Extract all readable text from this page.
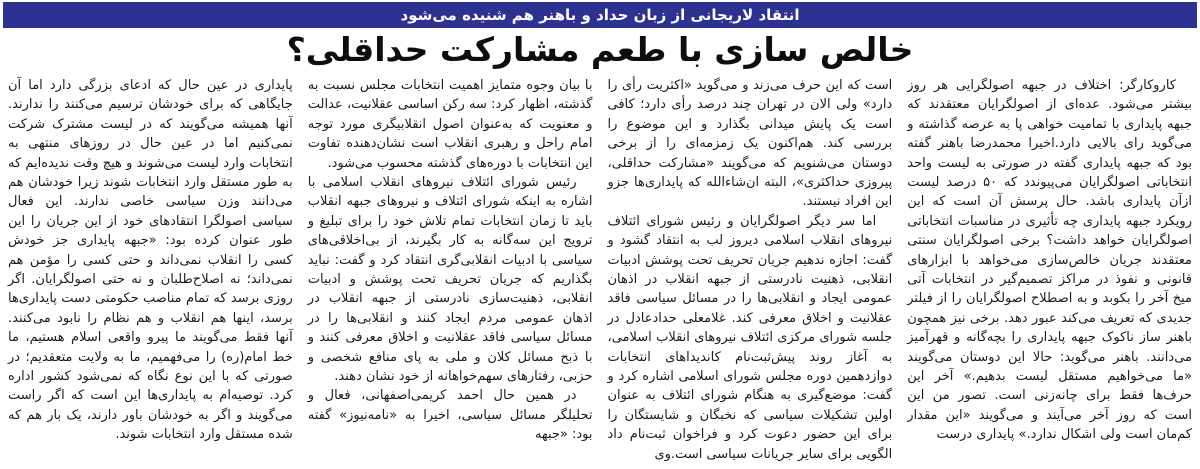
انتقاد لاریجانی از زبان حداد و باهنر هم شنیده می‌شود
خالص سازی با طعم مشارکت حداقلی؟

کاروکارگر: اختلاف در جبهه اصولگرایی هر روز بیشتر می‌شود. عده‌ای از اصولگرایان معتقدند که جبهه پایداری با تمامیت خواهی پا به عرصه گذاشته و می‌گوید رای بالایی دارد.اخیرا محمدرضا باهنر گفته بود که جبهه پایداری گفته در صورتی به لیست واحد انتخاباتی اصولگرایان می‌پیوندد که ۵۰ درصد لیست ازآن پایداری باشد. حال پرسش آن است که این رویکرد جبهه پایداری چه تأثیری در مناسبات انتخاباتی اصولگرایان خواهد داشت؟ برخی اصولگرایان سنتی معتقدند جریان خالص‌سازی می‌خواهد با ابزارهای قانونی و نفوذ در مراکز تصمیم‌گیر در انتخابات آتی میخ آخر را بکوبد و به اصطلاح اصولگرایان را از فیلتر جدیدی که تعریف می‌کند عبور دهد. برخی نیز همچون باهنر ساز ناکوک جبهه پایداری را بچه‌گانه و قهرآمیز می‌دانند. باهنر می‌گوید: حالا این دوستان می‌گویند «ما می‌خواهیم مستقل لیست بدهیم.» آخر این حرف‌ها فقط برای چانه‌زنی است. تصور من این است که روز آخر می‌آیند و می‌گویند «این مقدار کم‌مان است ولی اشکال ندارد.» پایداری درست

است که این حرف می‌زند و می‌گوید «اکثریت رأی را دارد» ولی الان در تهران چند درصد رأی دارد؛ کافی است یک پایش میدانی بگذارد و این موضوع را بررسی کند. هم‌اکنون یک زمزمه‌ای را از برخی دوستان می‌شنویم که می‌گویند «مشارکت حداقلی، پیروزی حداکثری»، البته ان‌شاءالله که پایداری‌ها جزو این افراد نیستند.

اما سر دیگر اصولگرایان و رئیس شورای ائتلاف نیروهای انقلاب اسلامی دیروز لب به انتقاد گشود و گفت: اجازه ندهیم جریان تحریف تحت پوشش ادبیات انقلابی، ذهنیت نادرستی از جبهه انقلاب در اذهان عمومی ایجاد و انقلابی‌ها را در مسائل سیاسی فاقد عقلانیت و اخلاق معرفی کند. غلامعلی حدادعادل در جلسه شورای مرکزی ائتلاف نیروهای انقلاب اسلامی، به آغاز روند پیش‌ثبت‌نام کاندیداهای انتخابات دوازدهمین دوره مجلس شورای اسلامی اشاره کرد و گفت: موضع‌گیری به هنگام شورای ائتلاف به عنوان اولین تشکیلات سیاسی که نخبگان و شایستگان را برای این حضور دعوت کرد و فراخوان ثبت‌نام داد الگویی برای سایر جریانات سیاسی است.وی

با بیان وجوه متمایز اهمیت انتخابات مجلس نسبت به گذشته، اظهار کرد: سه رکن اساسی عقلانیت، عدالت و معنویت که به‌عنوان اصول انقلابیگری مورد توجه امام راحل و رهبری انقلاب است نشان‌دهنده تفاوت این انتخابات با دوره‌های گذشته محسوب می‌شود.

رئیس شورای ائتلاف نیروهای انقلاب اسلامی با اشاره به اینکه شورای ائتلاف و نیروهای جبهه انقلاب باید تا زمان انتخابات تمام تلاش خود را برای تبلیغ و ترویج این سه‌گانه به کار بگیرند، از بی‌اخلاقی‌های سیاسی با ادبیات انقلابی‌گری انتقاد کرد و گفت: نباید بگذاریم که جریان تحریف تحت پوشش و ادبیات انقلابی، ذهنیت‌سازی نادرستی از جبهه انقلاب در اذهان عمومی مردم ایجاد کنند و انقلابی‌ها را در مسائل سیاسی فاقد عقلانیت و اخلاق معرفی کنند و با ذبح مسائل کلان و ملی به پای منافع شخصی و حزبی، رفتارهای سهم‌خواهانه از خود نشان دهند.

در همین حال احمد کریمی‌اصفهانی، فعال و تحلیلگر مسائل سیاسی، اخیرا به «نامه‌نیوز» گفته بود: «جبهه

پایداری در عین حال که ادعای بزرگی دارد اما آن جایگاهی که برای خودشان ترسیم می‌کنند را ندارند. آنها همیشه می‌گویند که در لیست مشترک شرکت نمی‌کنیم اما در عین حال در روزهای منتهی به انتخابات وارد لیست می‌شوند و هیچ وقت ندیده‌ایم که به طور مستقل وارد انتخابات شوند زیرا خودشان هم می‌دانند وزن سیاسی خاصی ندارند. این فعال سیاسی اصولگرا انتقادهای خود از این جریان را این طور عنوان کرده بود: «جبهه پایداری جز خودش کسی را انقلاب نمی‌داند و حتی کسی را مؤمن هم نمی‌داند؛ نه اصلاح‌طلبان و نه حتی اصولگرایان. اگر روزی برسد که تمام مناصب حکومتی دست پایداری‌ها برسد، اینها هم انقلاب و هم نظام را نابود می‌کنند. آنها فقط می‌گویند ما پیرو واقعی اسلام هستیم، ما خط امام(ره) را می‌فهمیم، ما به ولایت متعقدیم؛ در صورتی که با این نوع نگاه که نمی‌شود کشور اداره کرد. توصیه‌ام به پایداری‌ها این است که اگر راست می‌گویند و اگر به خودشان باور دارند، یک بار هم که شده مستقل وارد انتخابات شوند.
